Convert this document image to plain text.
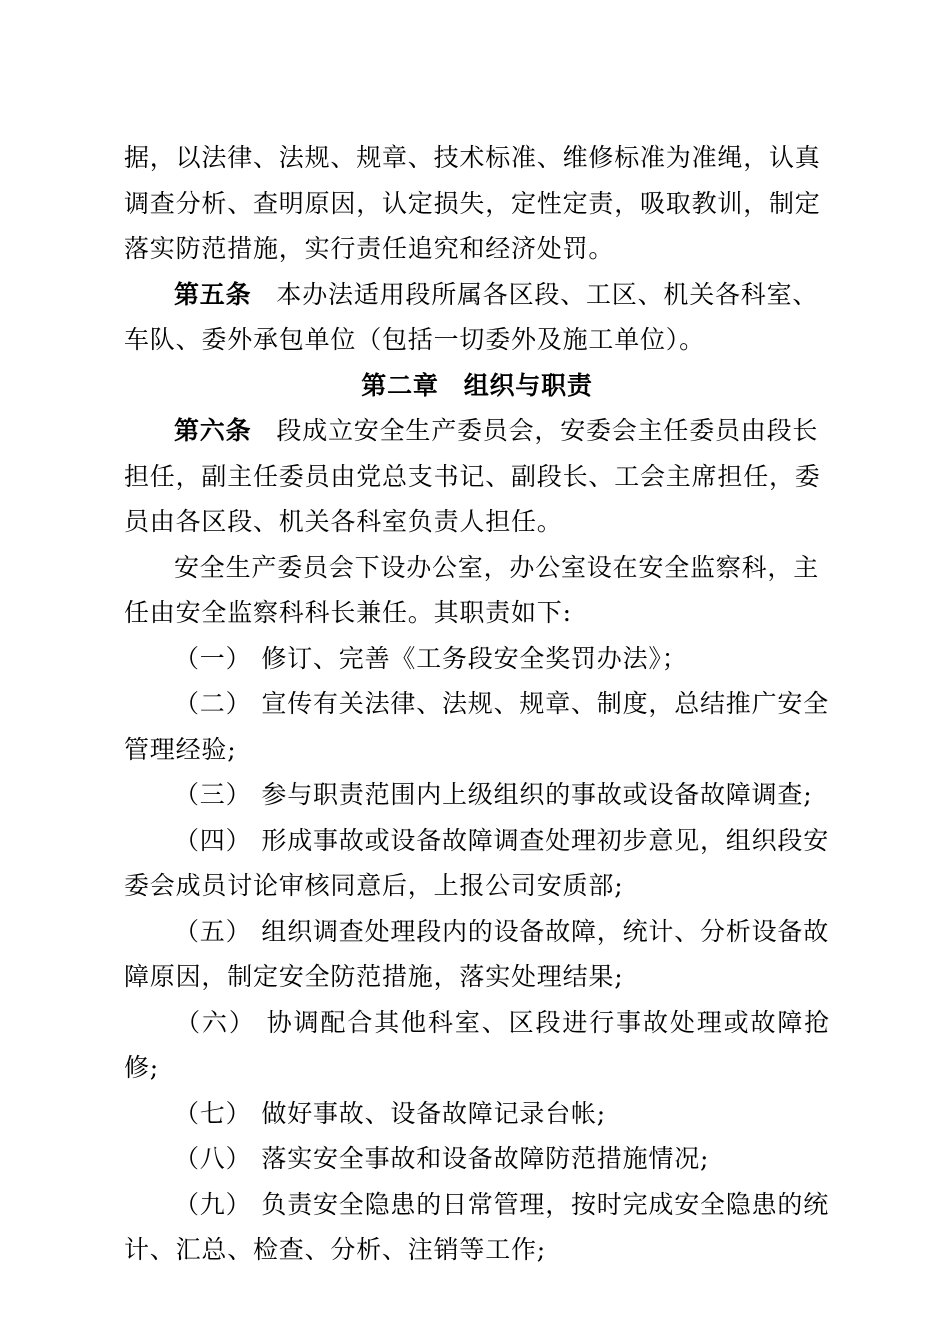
据，以法律、法规、规章、技术标准、维修标准为准绳，认真
调查分析、查明原因，认定损失，定性定责，吸取教训，制定
落实防范措施，实行责任追究和经济处罚。

第五条 本办法适用段所属各区段、工区、机关各科室、
车队、委外承包单位（包括一切委外及施工单位）。

第二章 组织与职责

第六条 段成立安全生产委员会，安委会主任委员由段长
担任，副主任委员由党总支书记、副段长、工会主席担任，委
员由各区段、机关各科室负责人担任。

安全生产委员会下设办公室，办公室设在安全监察科，主
任由安全监察科科长兼任。其职责如下:

（一） 修订、完善《工务段安全奖罚办法》；

（二） 宣传有关法律、法规、规章、制度，总结推广安全
管理经验;

（三） 参与职责范围内上级组织的事故或设备故障调查;

（四） 形成事故或设备故障调查处理初步意见，组织段安
委会成员讨论审核同意后，上报公司安质部;

（五） 组织调查处理段内的设备故障，统计、分析设备故
障原因，制定安全防范措施，落实处理结果;

（六） 协调配合其他科室、区段进行事故处理或故障抢修;

（七） 做好事故、设备故障记录台帐;

（八） 落实安全事故和设备故障防范措施情况;

（九） 负责安全隐患的日常管理，按时完成安全隐患的统
计、汇总、检查、分析、注销等工作;
